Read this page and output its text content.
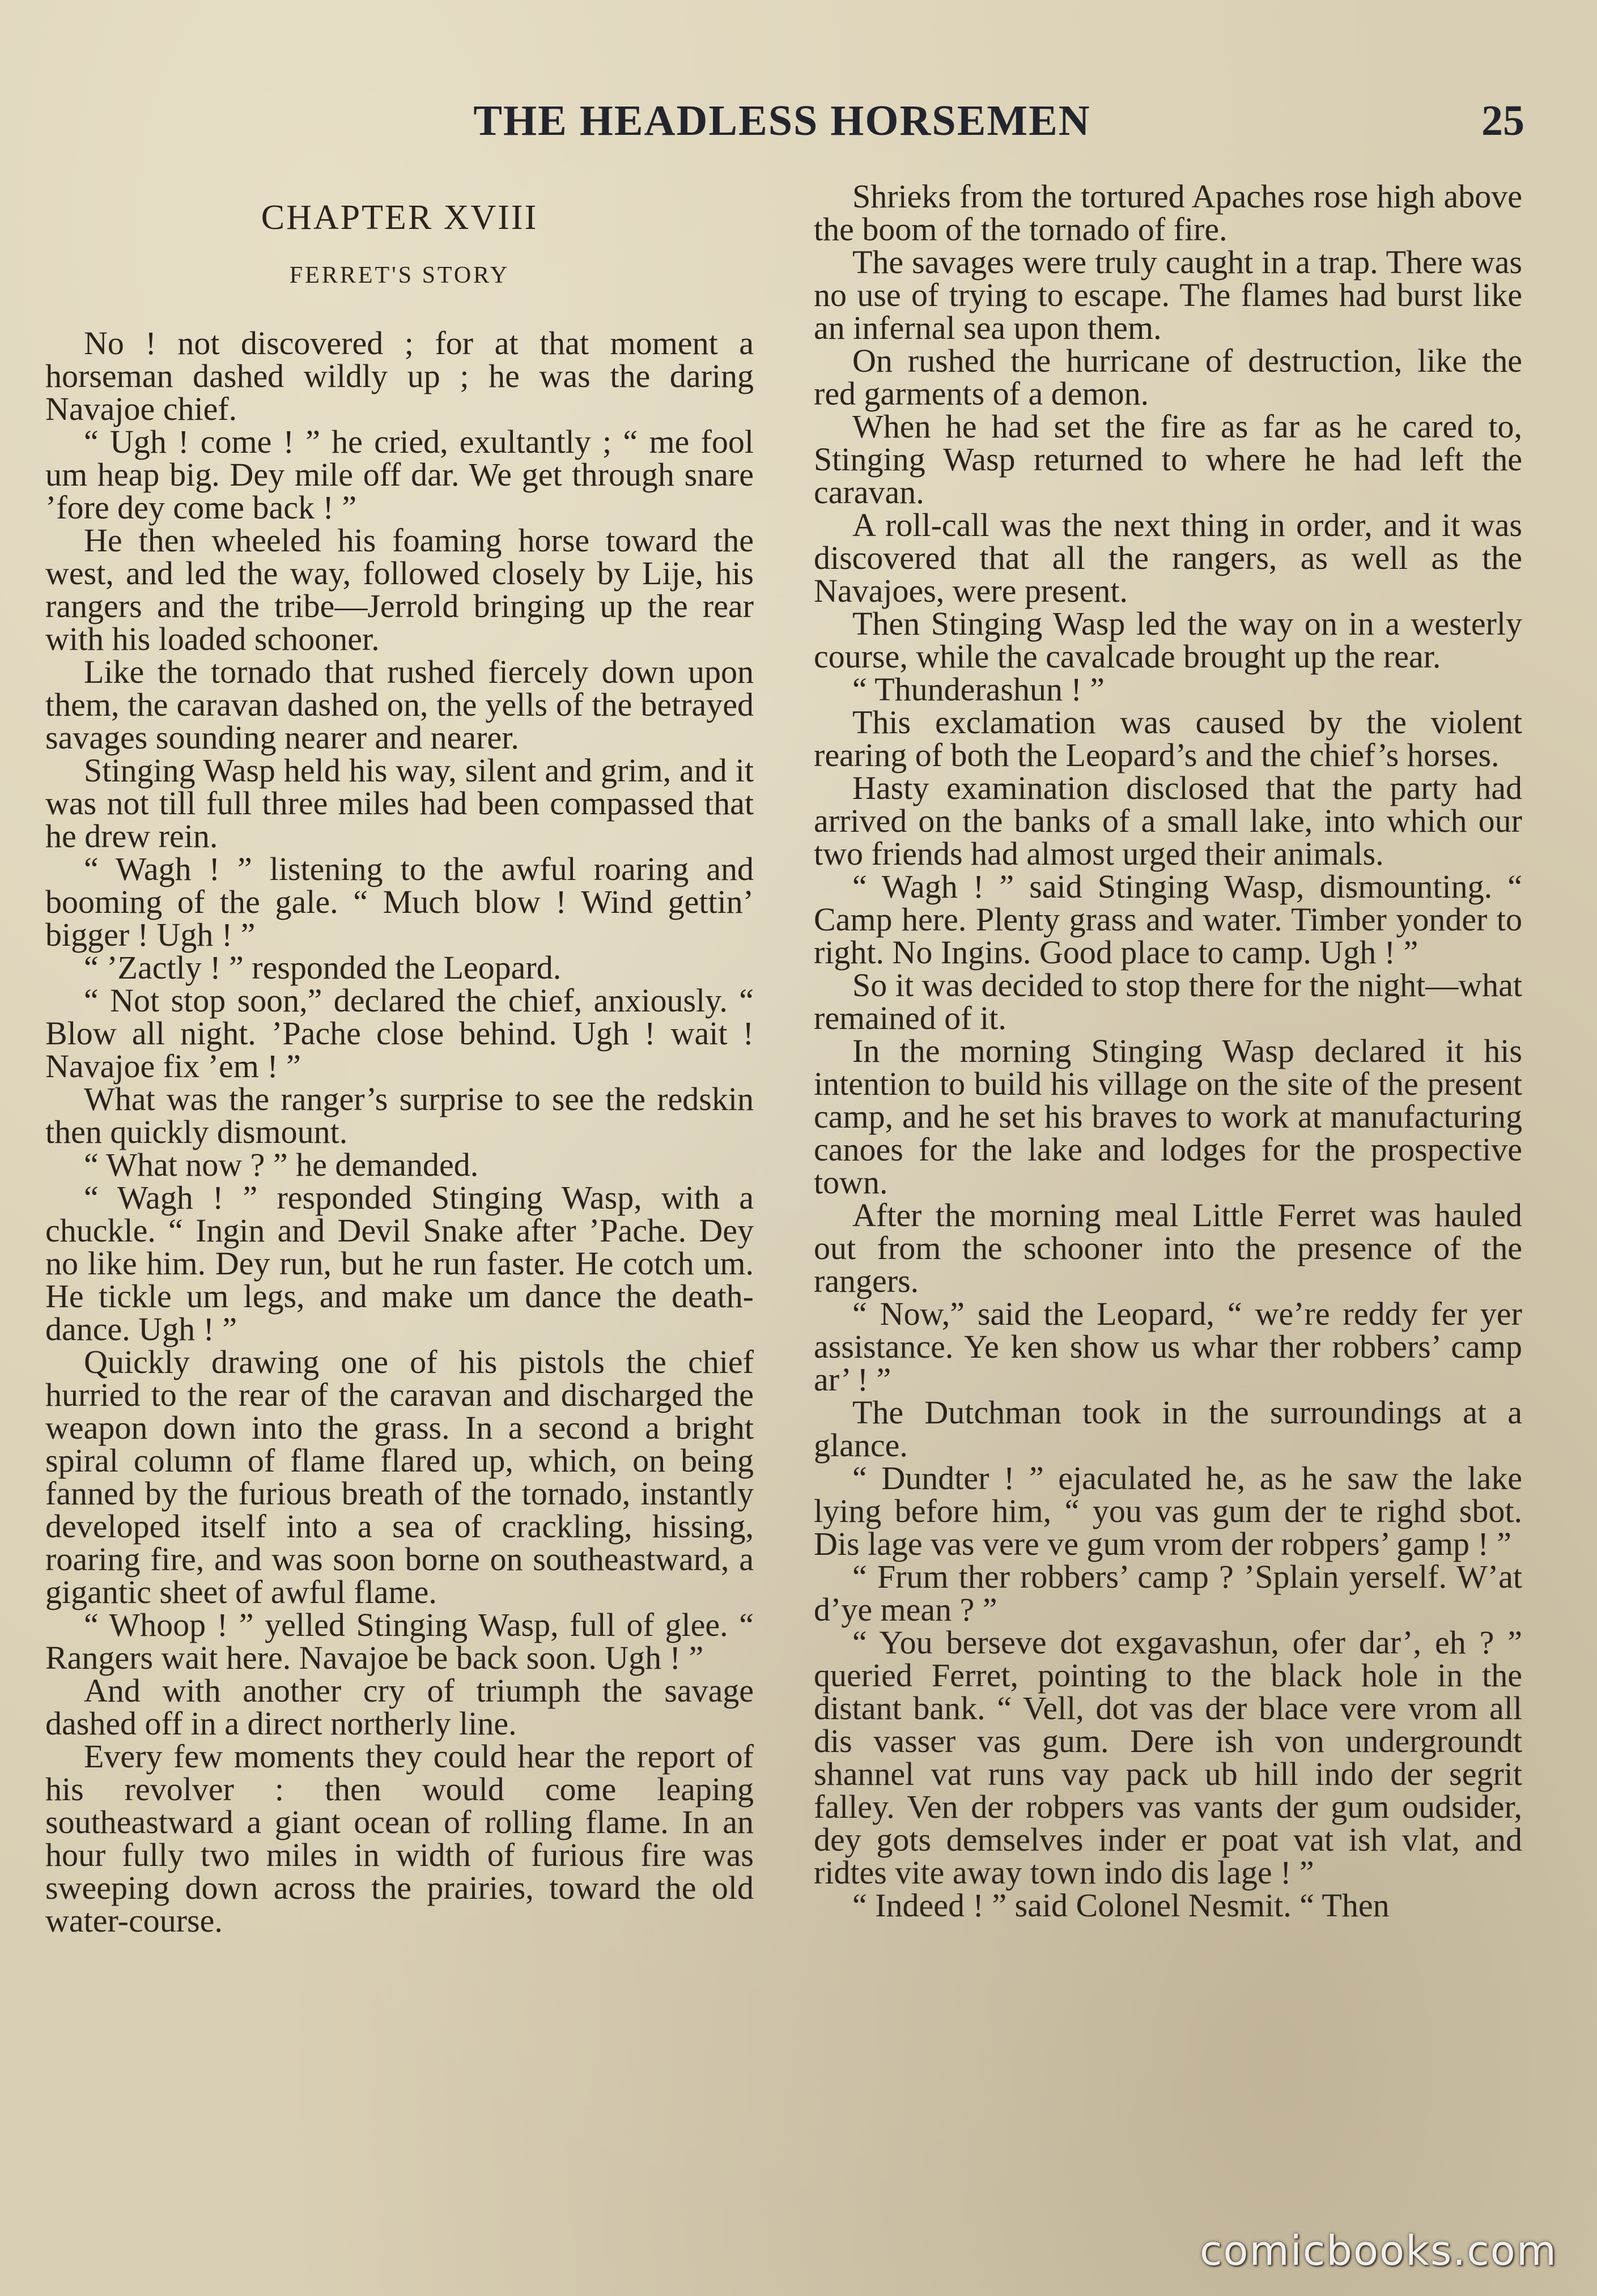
THE HEADLESS HORSEMEN	25
CHAPTER XVIII
FERRET'S STORY

No ! not discovered ; for at that moment a horseman dashed wildly up ; he was the daring Navajoe chief.

“ Ugh ! come ! ” he cried, exultantly ; “ me fool um heap big. Dey mile off dar. We get through snare ’fore dey come back ! ”

He then wheeled his foaming horse toward the west, and led the way, followed closely by Lije, his rangers and the tribe—Jerrold bringing up the rear with his loaded schooner.

Like the tornado that rushed fiercely down upon them, the caravan dashed on, the yells of the betrayed savages sounding nearer and nearer.

Stinging Wasp held his way, silent and grim, and it was not till full three miles had been compassed that he drew rein.

“ Wagh ! ” listening to the awful roaring and booming of the gale. “ Much blow ! Wind gettin’ bigger ! Ugh ! ”

“ ’Zactly ! ” responded the Leopard.

“ Not stop soon,” declared the chief, anxiously. “ Blow all night. ’Pache close behind. Ugh ! wait ! Navajoe fix ’em ! ”

What was the ranger’s surprise to see the redskin then quickly dismount.

“ What now ? ” he demanded.

“ Wagh ! ” responded Stinging Wasp, with a chuckle. “ Ingin and Devil Snake after ’Pache. Dey no like him. Dey run, but he run faster. He cotch um. He tickle um legs, and make um dance the death-dance. Ugh ! ”

Quickly drawing one of his pistols the chief hurried to the rear of the caravan and discharged the weapon down into the grass. In a second a bright spiral column of flame flared up, which, on being fanned by the furious breath of the tornado, instantly developed itself into a sea of crackling, hissing, roaring fire, and was soon borne on southeastward, a gigantic sheet of awful flame.

“ Whoop ! ” yelled Stinging Wasp, full of glee. “ Rangers wait here. Navajoe be back soon. Ugh ! ”

And with another cry of triumph the savage dashed off in a direct northerly line.

Every few moments they could hear the report of his revolver : then would come leaping southeastward a giant ocean of rolling flame. In an hour fully two miles in width of furious fire was sweeping down across the prairies, toward the old water-course.

Shrieks from the tortured Apaches rose high above the boom of the tornado of fire.

The savages were truly caught in a trap. There was no use of trying to escape. The flames had burst like an infernal sea upon them.

On rushed the hurricane of destruction, like the red garments of a demon.

When he had set the fire as far as he cared to, Stinging Wasp returned to where he had left the caravan.

A roll-call was the next thing in order, and it was discovered that all the rangers, as well as the Navajoes, were present.

Then Stinging Wasp led the way on in a westerly course, while the cavalcade brought up the rear.

“ Thunderashun ! ”

This exclamation was caused by the violent rearing of both the Leopard’s and the chief’s horses.

Hasty examination disclosed that the party had arrived on the banks of a small lake, into which our two friends had almost urged their animals.

“ Wagh ! ” said Stinging Wasp, dismounting. “ Camp here. Plenty grass and water. Timber yonder to right. No Ingins. Good place to camp. Ugh ! ”

So it was decided to stop there for the night—what remained of it.

In the morning Stinging Wasp declared it his intention to build his village on the site of the present camp, and he set his braves to work at manufacturing canoes for the lake and lodges for the prospective town.

After the morning meal Little Ferret was hauled out from the schooner into the presence of the rangers.

“ Now,” said the Leopard, “ we’re reddy fer yer assistance. Ye ken show us whar ther robbers’ camp ar’ ! ”

The Dutchman took in the surroundings at a glance.

“ Dundter ! ” ejaculated he, as he saw the lake lying before him, “ you vas gum der te righd sbot. Dis lage vas vere ve gum vrom der robpers’ gamp ! ”

“ Frum ther robbers’ camp ? ’Splain yerself. W’at d’ye mean ? ”

“ You berseve dot exgavashun, ofer dar’, eh ? ” queried Ferret, pointing to the black hole in the distant bank. “ Vell, dot vas der blace vere vrom all dis vasser vas gum. Dere ish von undergroundt shannel vat runs vay pack ub hill indo der segrit falley. Ven der robpers vas vants der gum oudsider, dey gots demselves inder er poat vat ish vlat, and ridtes vite away town indo dis lage ! ”

“ Indeed ! ” said Colonel Nesmit. “ Then

comicbooks.com
